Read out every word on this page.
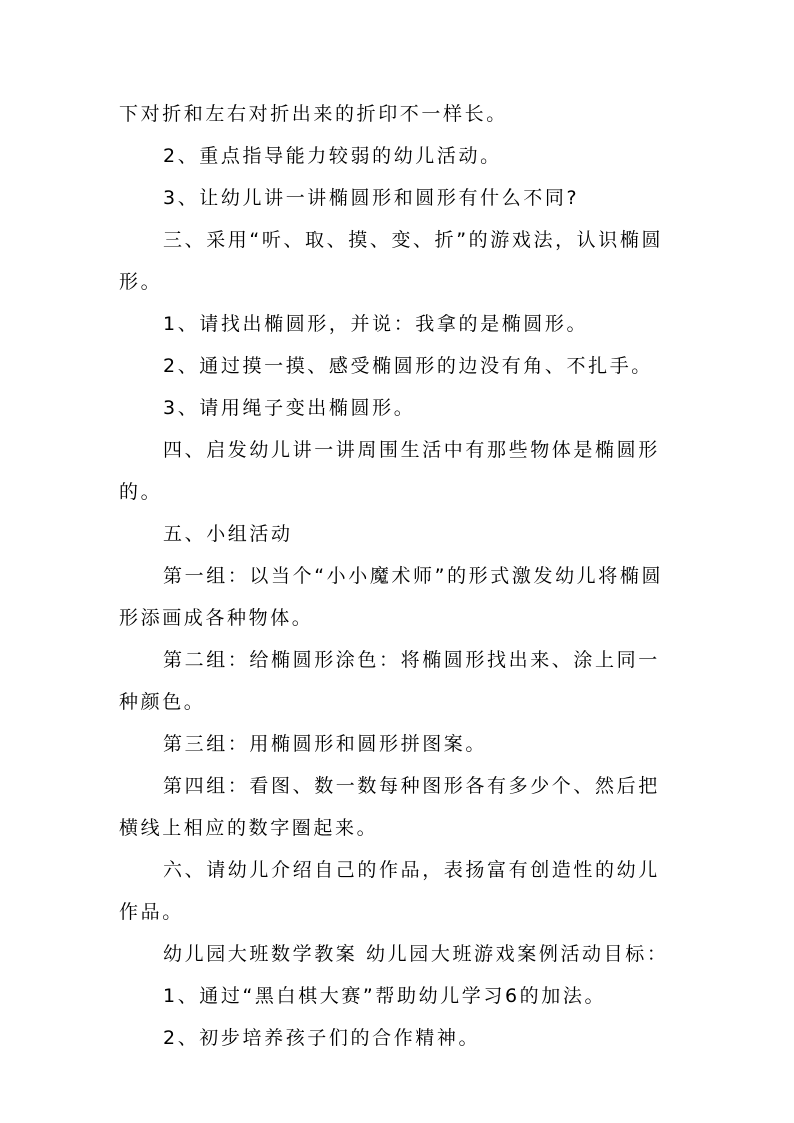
下对折和左右对折出来的折印不一样长。

2、重点指导能力较弱的幼儿活动。

3、让幼儿讲一讲椭圆形和圆形有什么不同?

三、采用“听、取、摸、变、折”的游戏法，认识椭圆形。

1、请找出椭圆形，并说：我拿的是椭圆形。

2、通过摸一摸、感受椭圆形的边没有角、不扎手。

3、请用绳子变出椭圆形。

四、启发幼儿讲一讲周围生活中有那些物体是椭圆形的。

五、小组活动

第一组：以当个“小小魔术师”的形式激发幼儿将椭圆形添画成各种物体。

第二组：给椭圆形涂色：将椭圆形找出来、涂上同一种颜色。

第三组：用椭圆形和圆形拼图案。

第四组：看图、数一数每种图形各有多少个、然后把横线上相应的数字圈起来。

六、请幼儿介绍自己的作品，表扬富有创造性的幼儿作品。

幼儿园大班数学教案 幼儿园大班游戏案例活动目标：

1、通过“黑白棋大赛”帮助幼儿学习6的加法。

2、初步培养孩子们的合作精神。
